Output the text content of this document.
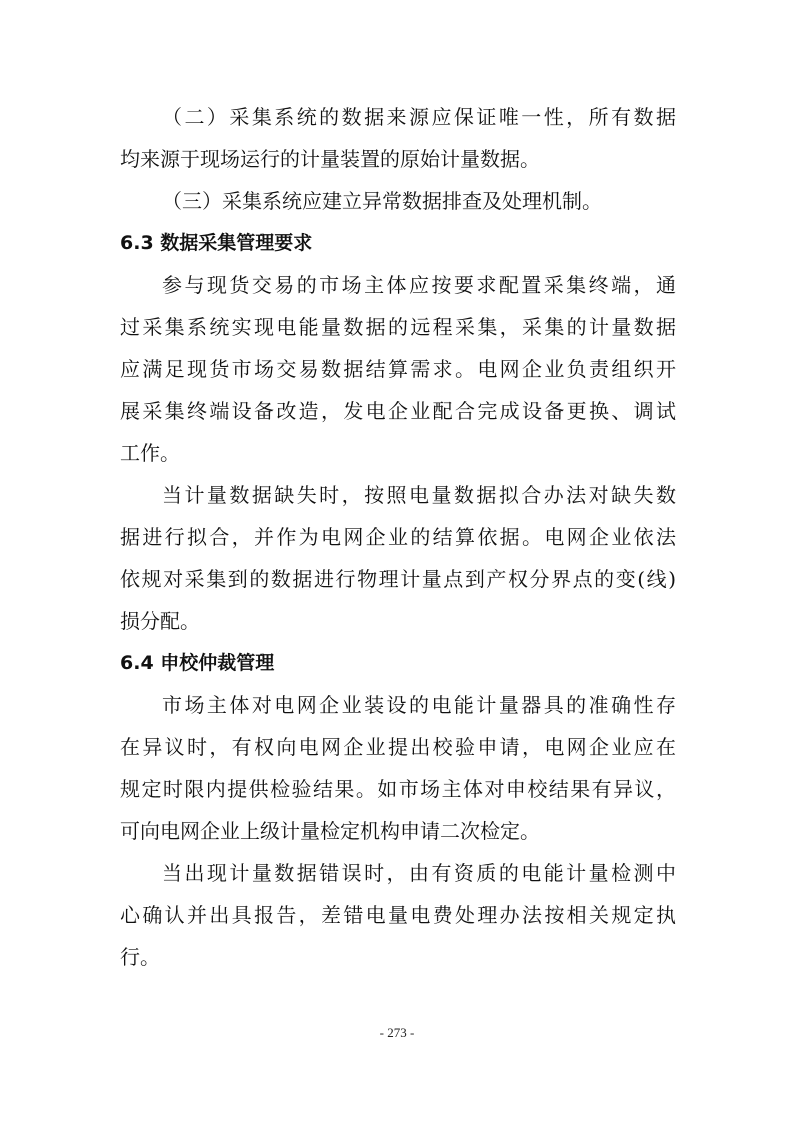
（二）采集系统的数据来源应保证唯一性，所有数据
均来源于现场运行的计量装置的原始计量数据。
（三）采集系统应建立异常数据排查及处理机制。
6.3 数据采集管理要求
参与现货交易的市场主体应按要求配置采集终端，通
过采集系统实现电能量数据的远程采集，采集的计量数据
应满足现货市场交易数据结算需求。电网企业负责组织开
展采集终端设备改造，发电企业配合完成设备更换、调试
工作。
当计量数据缺失时，按照电量数据拟合办法对缺失数
据进行拟合，并作为电网企业的结算依据。电网企业依法
依规对采集到的数据进行物理计量点到产权分界点的变(线)
损分配。
6.4 申校仲裁管理
市场主体对电网企业装设的电能计量器具的准确性存
在异议时，有权向电网企业提出校验申请，电网企业应在
规定时限内提供检验结果。如市场主体对申校结果有异议，
可向电网企业上级计量检定机构申请二次检定。
当出现计量数据错误时，由有资质的电能计量检测中
心确认并出具报告，差错电量电费处理办法按相关规定执
行。
- 273 -
